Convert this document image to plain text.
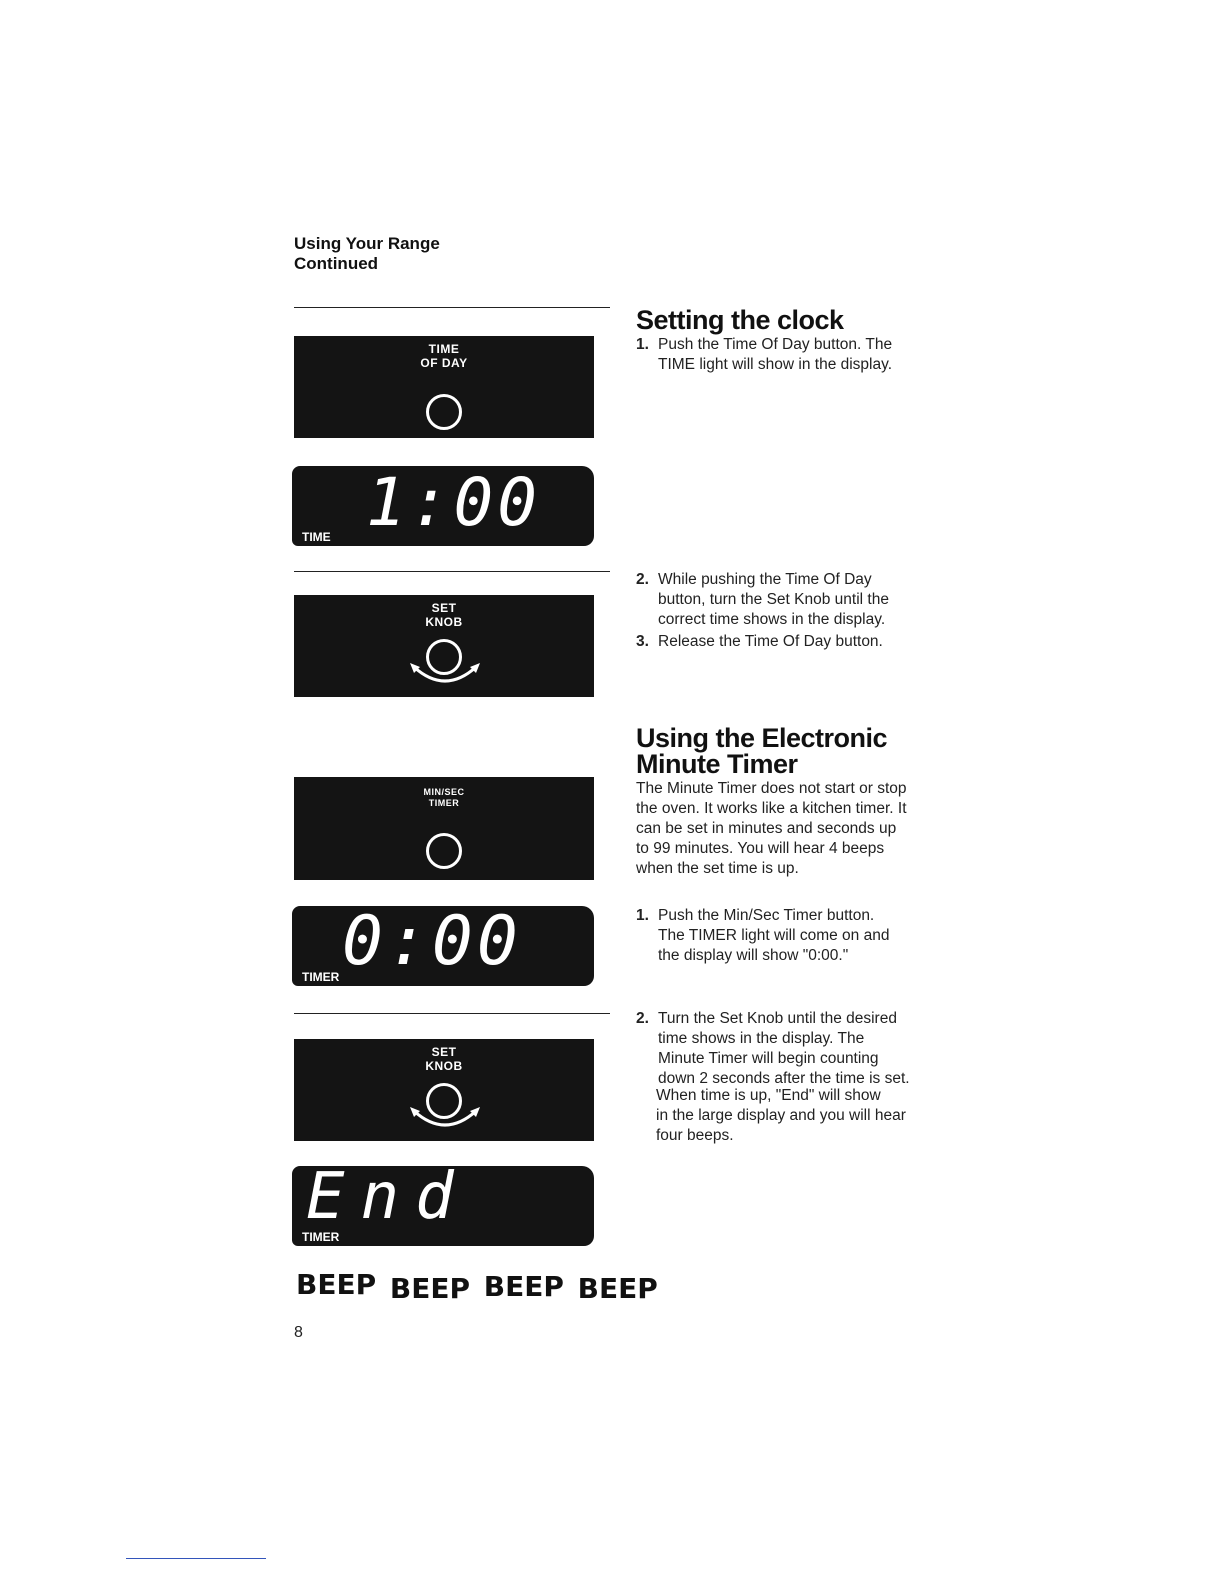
Using Your Range
Continued
TIME
OF DAY
1:00
TIME
SET
KNOB
MIN/SEC
TIMER
0:00
TIMER
SET
KNOB
End
TIMER
BEEP BEEP BEEP BEEP
8
Setting the clock
1. Push the Time Of Day button. The
TIME light will show in the display.
2. While pushing the Time Of Day
button, turn the Set Knob until the
correct time shows in the display.
3. Release the Time Of Day button.
Using the Electronic
Minute Timer
The Minute Timer does not start or stop
the oven. It works like a kitchen timer. It
can be set in minutes and seconds up
to 99 minutes. You will hear 4 beeps
when the set time is up.
1. Push the Min/Sec Timer button.
The TIMER light will come on and
the display will show "0:00."
2. Turn the Set Knob until the desired
time shows in the display. The
Minute Timer will begin counting
down 2 seconds after the time is set.
When time is up, "End" will show
in the large display and you will hear
four beeps.
